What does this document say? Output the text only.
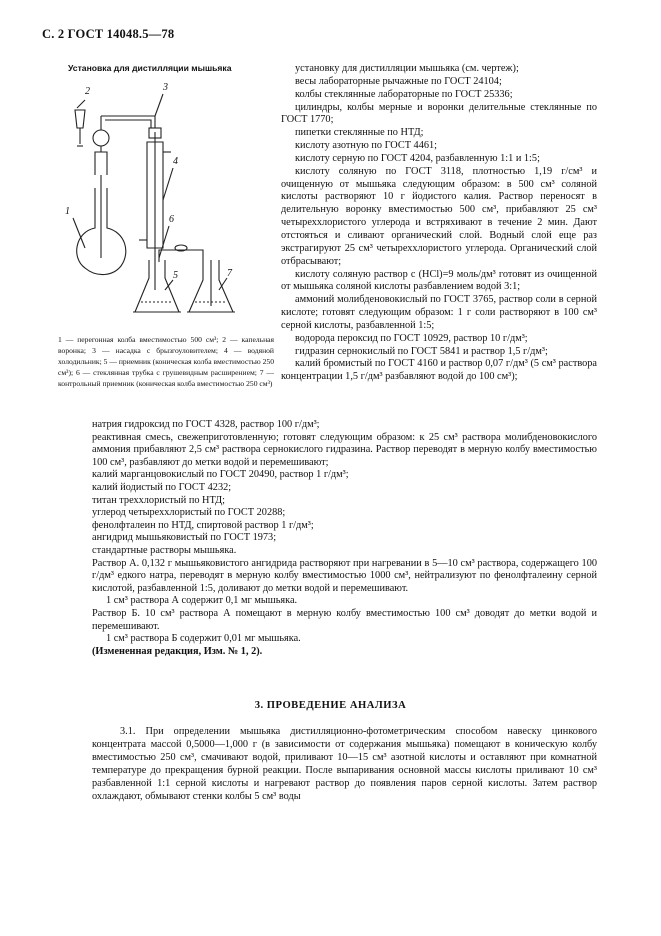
С. 2 ГОСТ 14048.5—78
Установка для дистилляции мышьяка
1
2	3
4
5
6
7
1 — перегонная колба вместимостью 500 см³; 2 — капельная воронка; 3 — насадка с брызгоуловителем; 4 — водяной холодильник; 5 — приемник (коническая колба вместимостью 250 см³); 6 — стеклянная трубка с грушевидным расширением; 7 — контрольный приемник (коническая колба вместимостью 250 см³)

установку для дистилляции мышьяка (см. чертеж);

весы лабораторные рычажные по ГОСТ 24104;

колбы стеклянные лабораторные по ГОСТ 25336;

цилиндры, колбы мерные и воронки делительные стеклянные по ГОСТ 1770;

пипетки стеклянные по НТД;

кислоту азотную по ГОСТ 4461;

кислоту серную по ГОСТ 4204, разбавленную 1:1 и 1:5;

кислоту соляную по ГОСТ 3118, плотностью 1,19 г/см³ и очищенную от мышьяка следующим образом: в 500 см³ соляной кислоты растворяют 10 г йодистого калия. Раствор переносят в делительную воронку вместимостью 500 см³, прибавляют 25 см³ четыреххлористого углерода и встряхивают в течение 2 мин. Дают отстояться и сливают органический слой. Водный слой еще раз экстрагируют 25 см³ четыреххлористого углерода. Органический слой отбрасывают;

кислоту соляную раствор с (HCl)=9 моль/дм³ готовят из очищенной от мышьяка соляной кислоты разбавлением водой 3:1;

аммоний молибденовокислый по ГОСТ 3765, раствор соли в серной кислоте; готовят следующим образом: 1 г соли растворяют в 100 см³ серной кислоты, разбавленной 1:5;

водорода пероксид по ГОСТ 10929, раствор 10 г/дм³;

гидразин сернокислый по ГОСТ 5841 и раствор 1,5 г/дм³;

калий бромистый по ГОСТ 4160 и раствор 0,07 г/дм³ (5 см³ раствора концентрации 1,5 г/дм³ разбавляют водой до 100 см³);

натрия гидроксид по ГОСТ 4328, раствор 100 г/дм³;

реактивная смесь, свежеприготовленную; готовят следующим образом: к 25 см³ раствора молибденовокислого аммония прибавляют 2,5 см³ раствора сернокислого гидразина. Раствор переводят в мерную колбу вместимостью 100 см³, разбавляют до метки водой и перемешивают;

калий марганцовокислый по ГОСТ 20490, раствор 1 г/дм³;

калий йодистый по ГОСТ 4232;

титан треххлористый по НТД;

углерод четыреххлористый по ГОСТ 20288;

фенолфталеин по НТД, спиртовой раствор 1 г/дм³;

ангидрид мышьяковистый по ГОСТ 1973;

стандартные растворы мышьяка.

Раствор А. 0,132 г мышьяковистого ангидрида растворяют при нагревании в 5—10 см³ раствора, содержащего 100 г/дм³ едкого натра, переводят в мерную колбу вместимостью 1000 см³, нейтрализуют по фенолфталеину серной кислотой, разбавленной 1:5, доливают до метки водой и перемешивают.

1 см³ раствора А содержит 0,1 мг мышьяка.

Раствор Б. 10 см³ раствора А помещают в мерную колбу вместимостью 100 см³ доводят до метки водой и перемешивают.

1 см³ раствора Б содержит 0,01 мг мышьяка.

(Измененная редакция, Изм. № 1, 2).

3. ПРОВЕДЕНИЕ АНАЛИЗА

3.1. При определении мышьяка дистилляционно-фотометрическим способом навеску цинкового концентрата массой 0,5000—1,000 г (в зависимости от содержания мышьяка) помещают в коническую колбу вместимостью 250 см³, смачивают водой, приливают 10—15 см³ азотной кислоты и оставляют при комнатной температуре до прекращения бурной реакции. После выпаривания основной массы кислоты приливают 10 см³ разбавленной 1:1 серной кислоты и нагревают раствор до появления паров серной кислоты. Затем раствор охлаждают, обмывают стенки колбы 5 см³ воды
